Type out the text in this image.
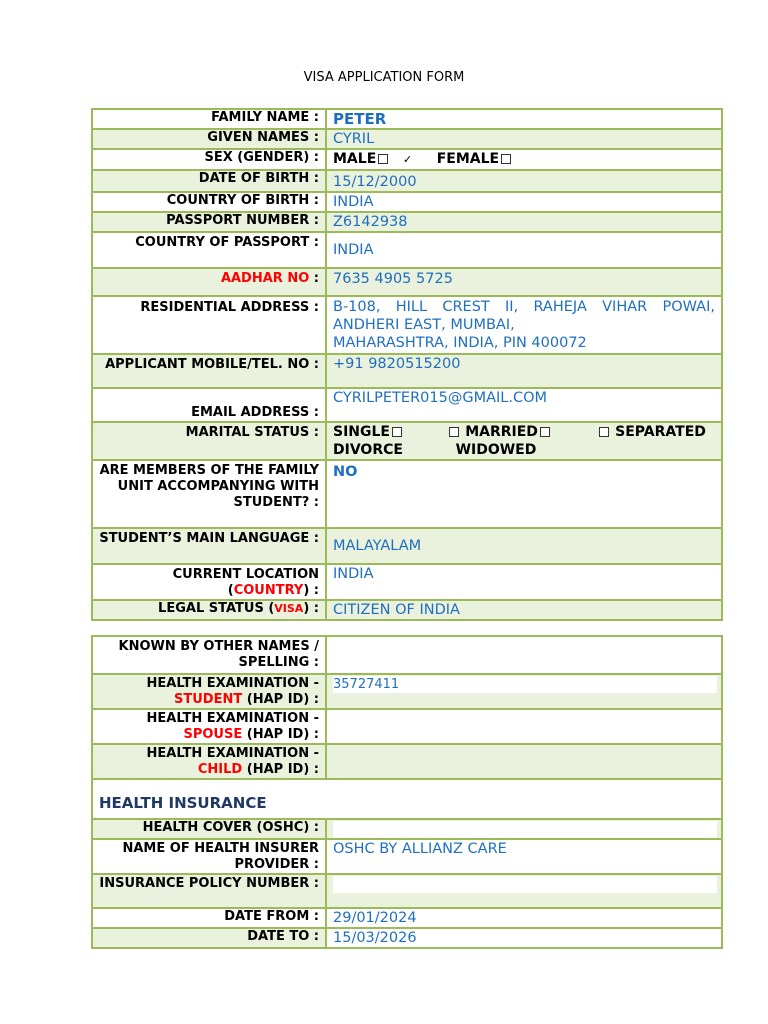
VISA APPLICATION FORM
FAMILY NAME :	PETER
GIVEN NAMES :	CYRIL
SEX (GENDER) :	MALE ✓ FEMALE
DATE OF BIRTH :	15/12/2000
COUNTRY OF BIRTH :	INDIA
PASSPORT NUMBER :	Z6142938
COUNTRY OF PASSPORT :	INDIA
AADHAR NO :	7635 4905 5725
RESIDENTIAL ADDRESS :	B-108, HILL CREST II, RAHEJA VIHAR POWAI,
ANDHERI EAST, MUMBAI,
MAHARASHTRA, INDIA, PIN 400072

APPLICANT MOBILE/TEL. NO :	+91 9820515200
EMAIL ADDRESS :	CYRILPETER015@GMAIL.COM
MARITAL STATUS :	SINGLE MARRIED SEPARATED
DIVORCE WIDOWED

ARE MEMBERS OF THE FAMILY UNIT ACCOMPANYING WITH STUDENT? :	NO
STUDENT’S MAIN LANGUAGE :	MALAYALAM
CURRENT LOCATION (COUNTRY) :	INDIA
LEGAL STATUS (VISA) :	CITIZEN OF INDIA
KNOWN BY OTHER NAMES / SPELLING :	
HEALTH EXAMINATION -
STUDENT (HAP ID) :	35727411

HEALTH EXAMINATION -
SPOUSE (HAP ID) :	
HEALTH EXAMINATION -
CHILD (HAP ID) :	

HEALTH INSURANCE	

HEALTH COVER (OSHC) :	

NAME OF HEALTH INSURER PROVIDER :	OSHC BY ALLIANZ CARE
INSURANCE POLICY NUMBER :	

DATE FROM :	29/01/2024
DATE TO :	15/03/2026
